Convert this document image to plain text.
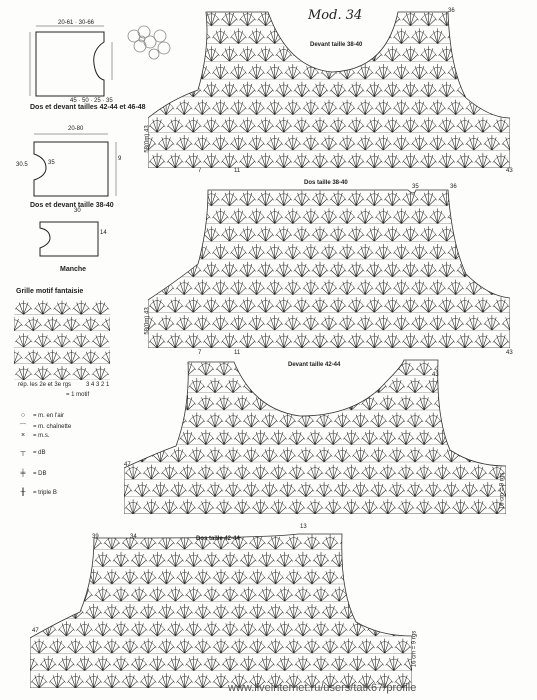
Mod. 34
20-61 · 30-66
45 · 50 · 25 · 35
Dos et devant tailles 42-44 et 46-48
20-80
30.5	35
9
Dos et devant taille 38-40
30
14
Manche
Grille motif fantaisie
rép. les 2e et 3e rgs 3 4 3 2 1
= 1 motif
○	= m. en l'air
⌒	= m. chaînette
×	= m.s.
┬	= dB
╪	= DB
╫	= triple B
Devant taille 38-40
58(0m) 43
7	11	43
36
Dos taille 38-40
58(0m) 43
7	11	43
35	36
Devant taille 42-44
47
43
16 cm = 9 rgs
Dos taille 42-44
47
39	34
13
16 cm = 9 rgs
www.liveinternet.ru/users/tatk67/profile
